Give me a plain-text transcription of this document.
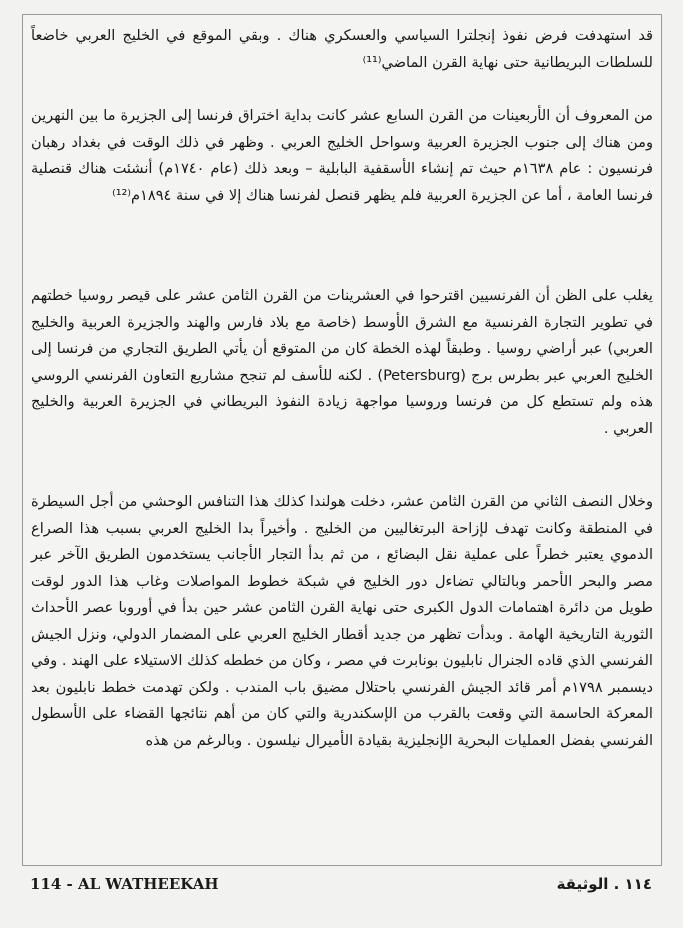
قد استهدفت فرض نفوذ إنجلترا السياسي والعسكري هناك . وبقي الموقع في الخليج العربي خاضعاً للسلطات البريطانية حتى نهاية القرن الماضي⁽¹¹⁾

من المعروف أن الأربعينات من القرن السابع عشر كانت بداية اختراق فرنسا إلى الجزيرة ما بين النهرين ومن هناك إلى جنوب الجزيرة العربية وسواحل الخليج العربي . وظهر في ذلك الوقت في بغداد رهبان فرنسيون : عام ١٦٣٨م حيث تم إنشاء الأسقفية البابلية – وبعد ذلك (عام ١٧٤٠م) أنشئت هناك قنصلية فرنسا العامة ، أما عن الجزيرة العربية فلم يظهر قنصل لفرنسا هناك إلا في سنة ١٨٩٤م⁽¹²⁾

يغلب على الظن أن الفرنسيين اقترحوا في العشرينات من القرن الثامن عشر على قيصر روسيا خطتهم في تطوير التجارة الفرنسية مع الشرق الأوسط (خاصة مع بلاد فارس والهند والجزيرة العربية والخليج العربي) عبر أراضي روسيا . وطبقاً لهذه الخطة كان من المتوقع أن يأتي الطريق التجاري من فرنسا إلى الخليج العربي عبر بطرس برج (Petersburg) . لكنه للأسف لم تنجح مشاريع التعاون الفرنسي الروسي هذه ولم تستطع كل من فرنسا وروسيا مواجهة زيادة النفوذ البريطاني في الجزيرة العربية والخليج العربي .

وخلال النصف الثاني من القرن الثامن عشر، دخلت هولندا كذلك هذا التنافس الوحشي من أجل السيطرة في المنطقة وكانت تهدف لإزاحة البرتغاليين من الخليج . وأخيراً بدا الخليج العربي بسبب هذا الصراع الدموي يعتبر خطراً على عملية نقل البضائع ، من ثم بدأ التجار الأجانب يستخدمون الطريق الآخر عبر مصر والبحر الأحمر وبالتالي تضاءل دور الخليج في شبكة خطوط المواصلات وغاب هذا الدور لوقت طويل من دائرة اهتمامات الدول الكبرى حتى نهاية القرن الثامن عشر حين بدأ في أوروبا عصر الأحداث الثورية التاريخية الهامة . وبدأت تظهر من جديد أقطار الخليج العربي على المضمار الدولي، ونزل الجيش الفرنسي الذي قاده الجنرال نابليون بونابرت في مصر ، وكان من خططه كذلك الاستيلاء على الهند . وفي ديسمبر ١٧٩٨م أمر قائد الجيش الفرنسي باحتلال مضيق باب المندب . ولكن تهدمت خطط نابليون بعد المعركة الحاسمة التي وقعت بالقرب من الإسكندرية والتي كان من أهم نتائجها القضاء على الأسطول الفرنسي بفضل العمليات البحرية الإنجليزية بقيادة الأميرال نيلسون . وبالرغم من هذه

114 - AL WATHEEKAH	١١٤ . الوثيقة
